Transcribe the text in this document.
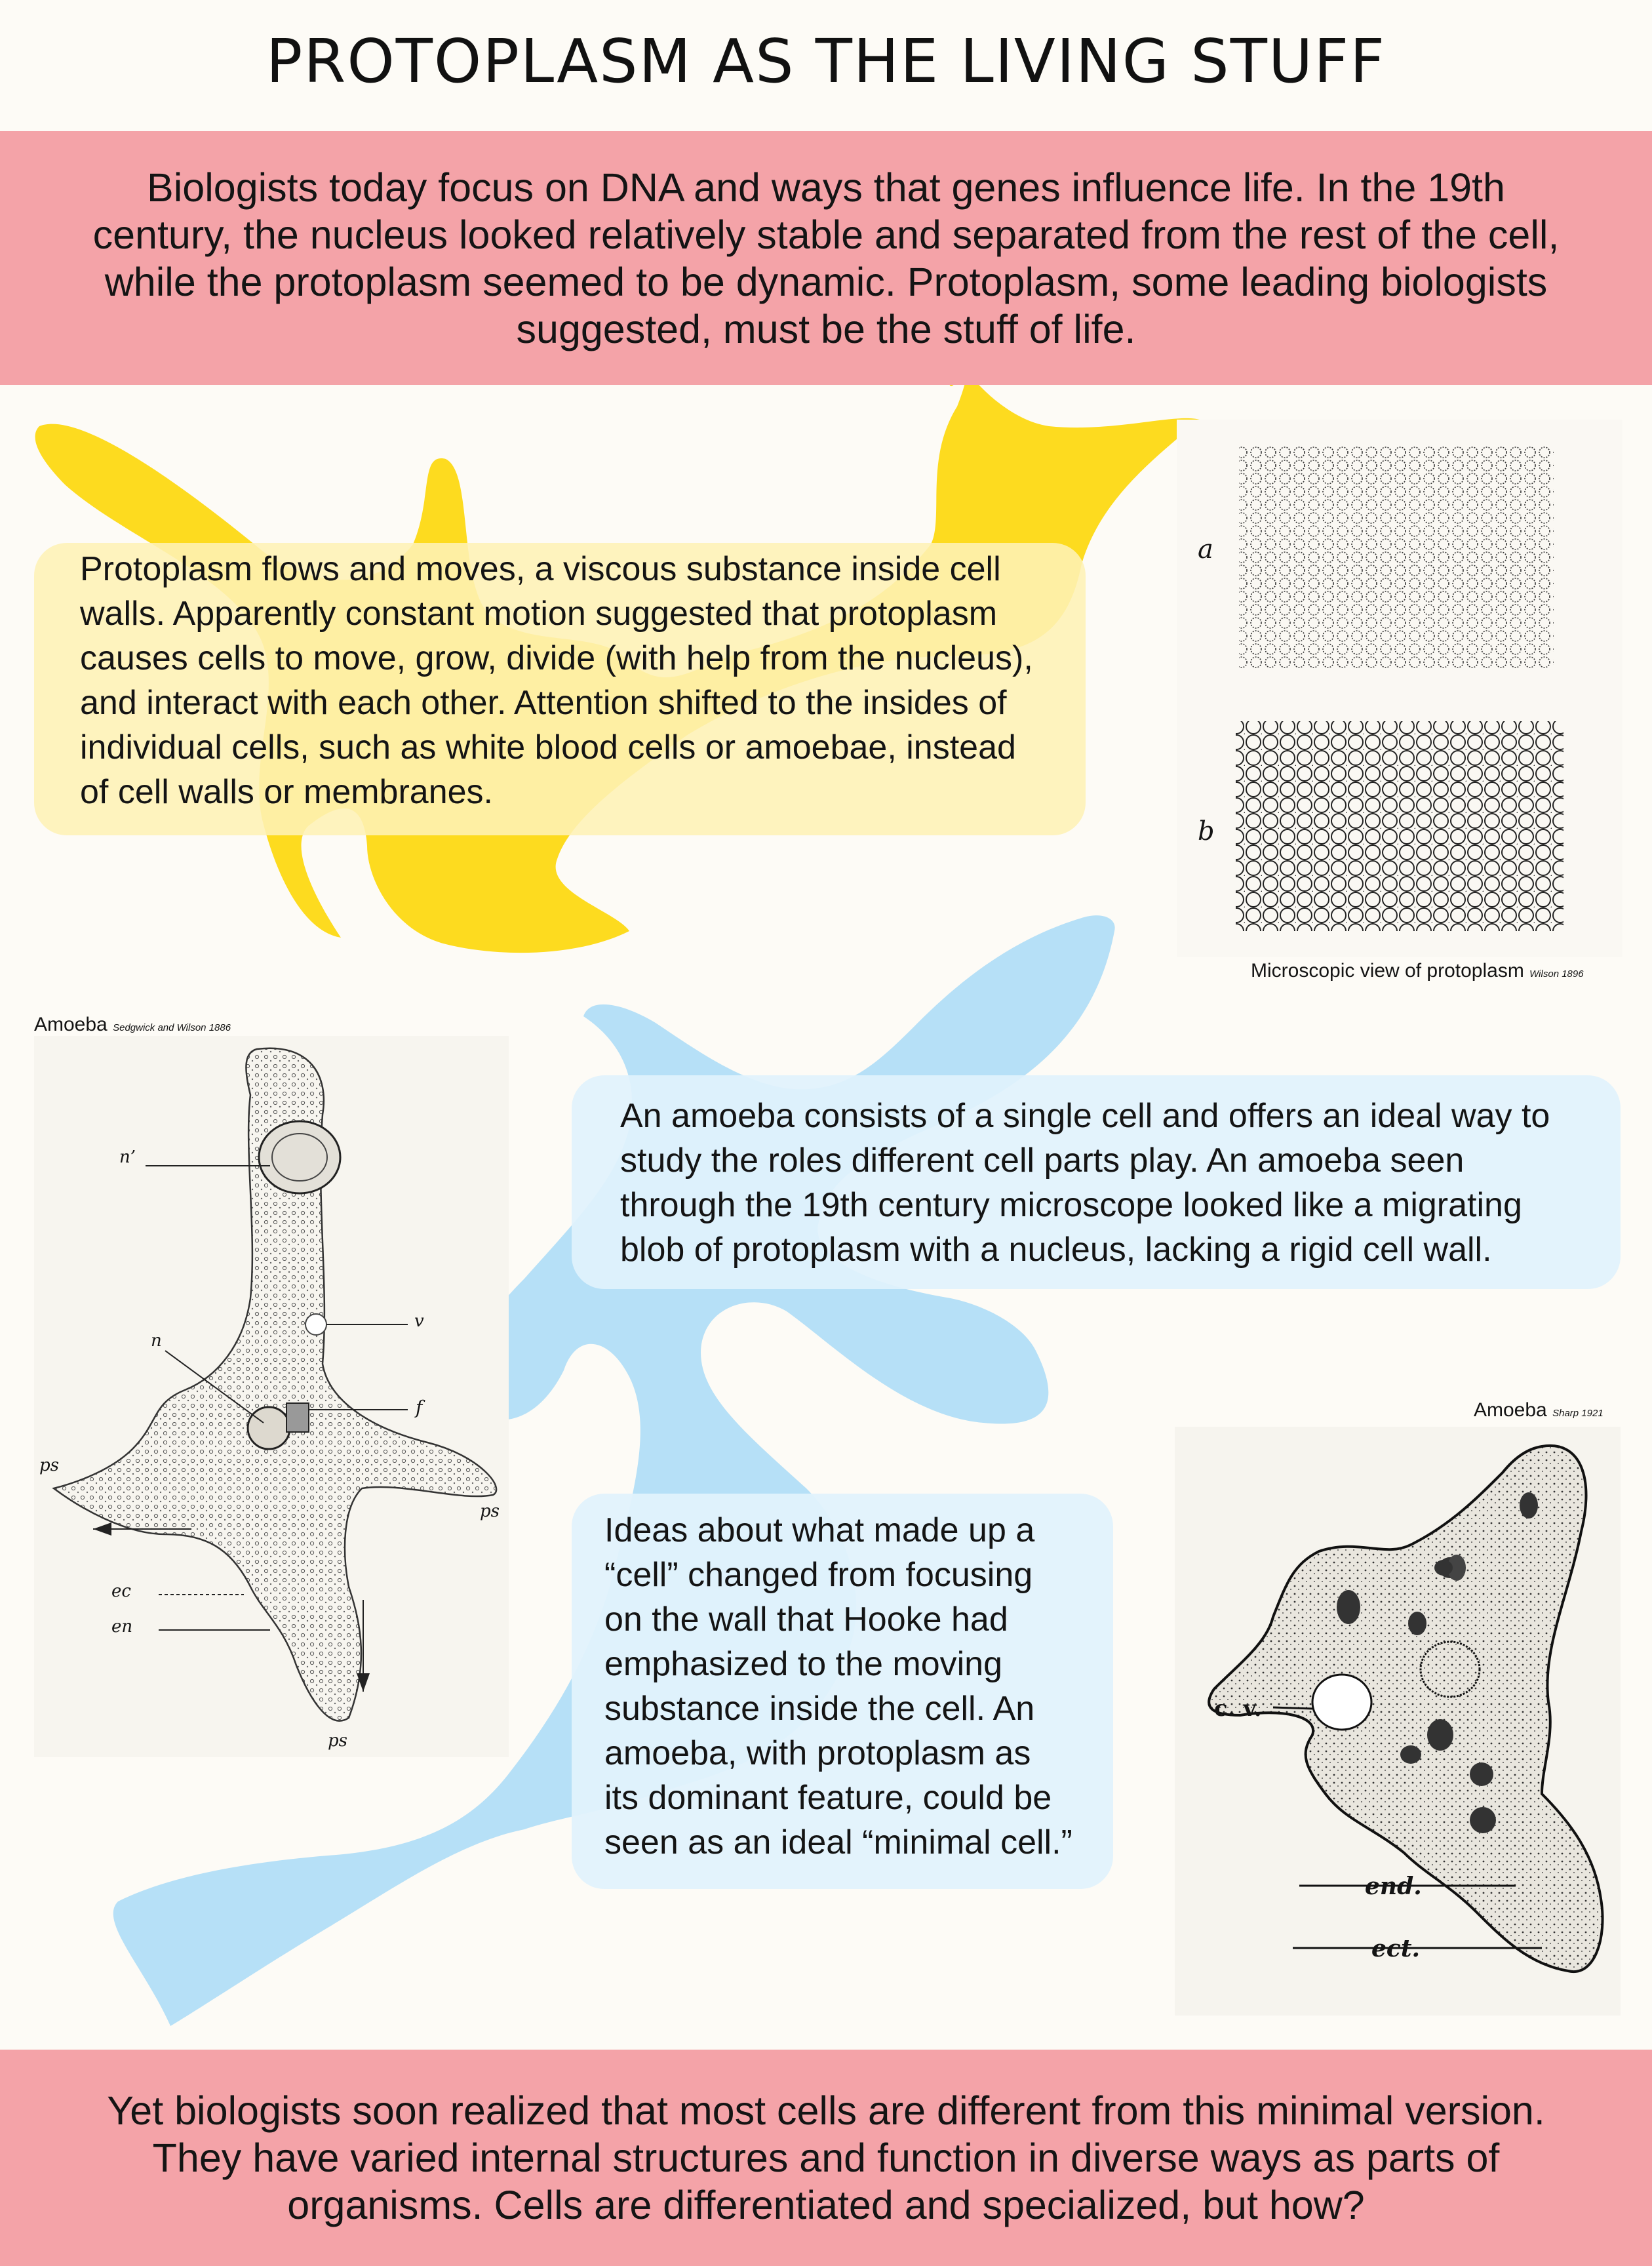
PROTOPLASM AS THE LIVING STUFF
Biologists today focus on DNA and ways that genes influence life. In the 19th century, the nucleus looked relatively stable and separated from the rest of the cell, while the protoplasm seemed to be dynamic. Protoplasm, some leading biologists suggested, must be the stuff of life.
Protoplasm flows and moves, a viscous substance inside cell walls. Apparently constant motion suggested that protoplasm causes cells to move, grow, divide (with help from the nucleus), and interact with each other. Attention shifted to the insides of individual cells, such as white blood cells or amoebae, instead of cell walls or membranes.
a
b
Microscopic view of protoplasm Wilson 1896
Amoeba Sedgwick and Wilson 1886
n’
n
v
f
ps
ps
ps
ec
en
An amoeba consists of a single cell and offers an ideal way to study the roles different cell parts play. An amoeba seen through the 19th century microscope looked like a migrating blob of protoplasm with a nucleus, lacking a rigid cell wall.
Ideas about what made up a “cell” changed from focusing on the wall that Hooke had emphasized to the moving substance inside the cell. An amoeba, with protoplasm as its dominant feature, could be seen as an ideal “minimal cell.”
Amoeba Sharp 1921
c. v.
end.
ect.
Yet biologists soon realized that most cells are different from this minimal version. They have varied internal structures and function in diverse ways as parts of organisms. Cells are differentiated and specialized, but how?
